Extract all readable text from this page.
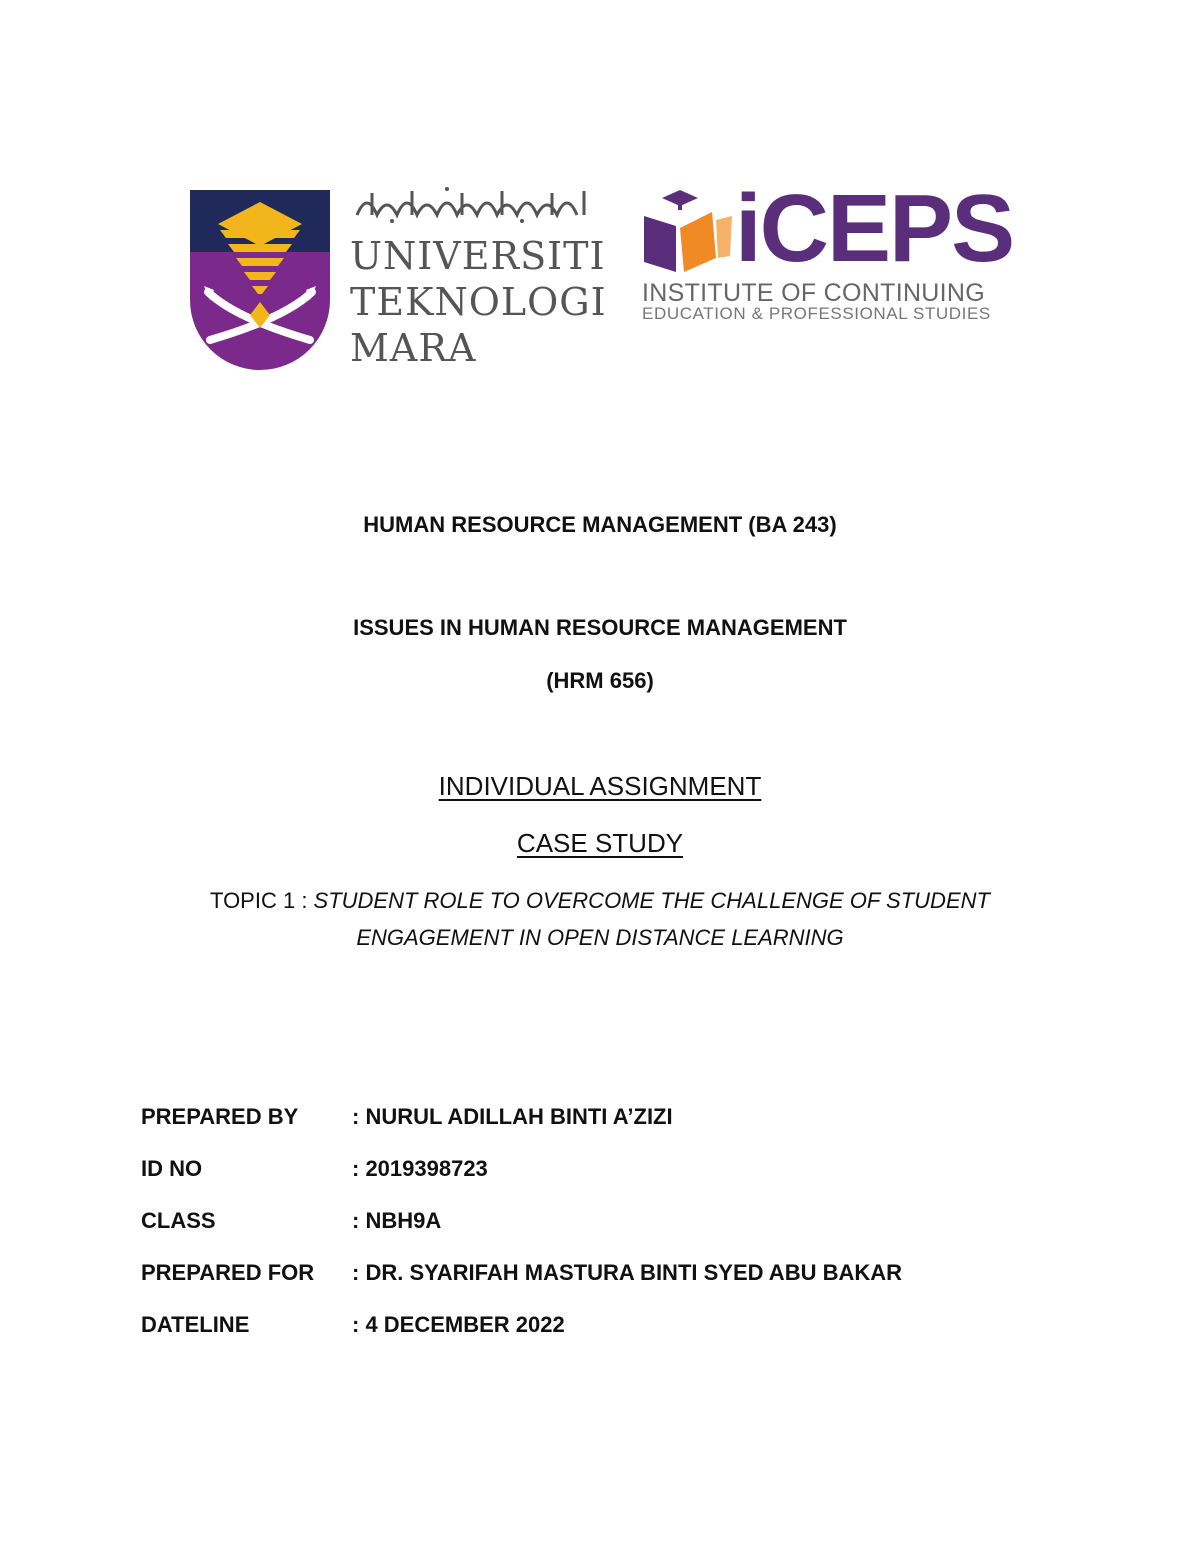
UNIVERSITI
TEKNOLOGI
MARA
iCEPS
INSTITUTE OF CONTINUING
EDUCATION & PROFESSIONAL STUDIES
HUMAN RESOURCE MANAGEMENT (BA 243)
ISSUES IN HUMAN RESOURCE MANAGEMENT
(HRM 656)
INDIVIDUAL ASSIGNMENT
CASE STUDY
TOPIC 1 : STUDENT ROLE TO OVERCOME THE CHALLENGE OF STUDENT
ENGAGEMENT IN OPEN DISTANCE LEARNING
PREPARED BY : NURUL ADILLAH BINTI A’ZIZI
ID NO	: 2019398723
CLASS	: NBH9A
PREPARED FOR : DR. SYARIFAH MASTURA BINTI SYED ABU BAKAR
DATELINE	: 4 DECEMBER 2022
